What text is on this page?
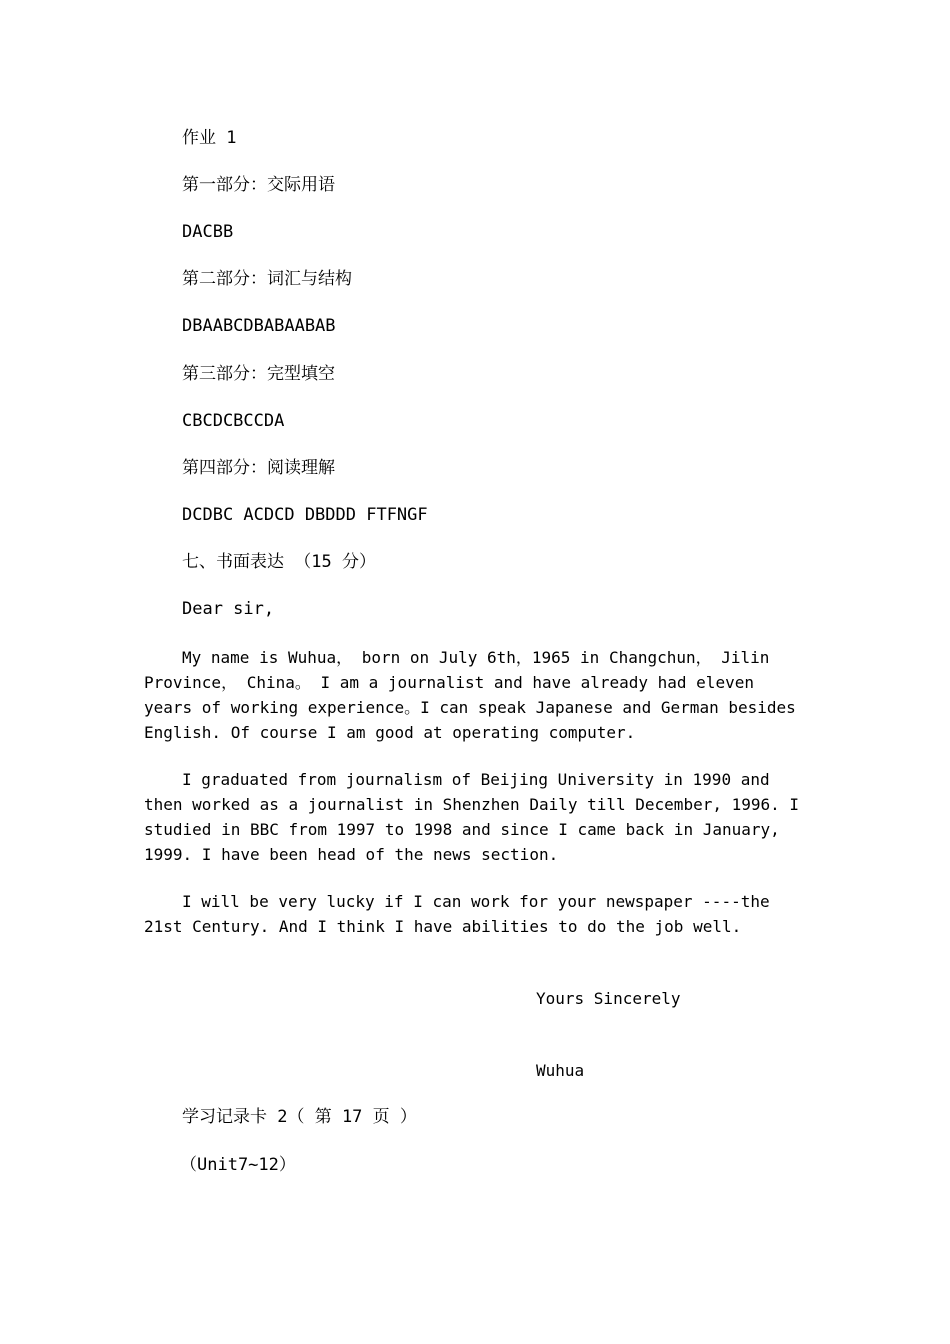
作业 1
第一部分：交际用语
DACBB
第二部分：词汇与结构
DBAABCDBABAABAB
第三部分：完型填空
CBCDCBCCDA
第四部分：阅读理解
DCDBC ACDCD DBDDD FTFNGF
七、书面表达 （15 分）
Dear sir,
My name is Wuhua， born on July 6th，1965 in Changchun， Jilin Province， China。 I am a journalist and have already had eleven years of working experience。I can speak Japanese and German besides English. Of course I am good at operating computer.
I graduated from journalism of Beijing University in 1990 and then worked as a journalist in Shenzhen Daily till December, 1996. I studied in BBC from 1997 to 1998 and since I came back in January, 1999. I have been head of the news section.
I will be very lucky if I can work for your newspaper ----the 21st Century. And I think I have abilities to do the job well.
Yours Sincerely
Wuhua
学习记录卡 2（ 第 17 页 ）
（Unit7~12）
